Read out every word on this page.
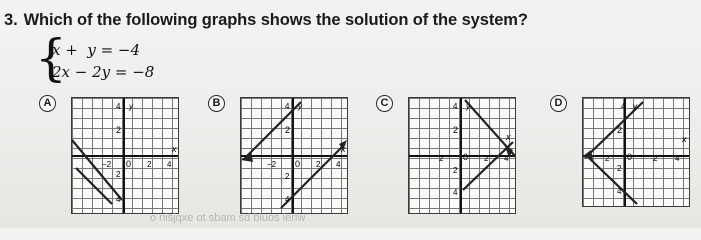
3. Which of the following graphs shows the solution of the system?
{
x +  y = −4
2x − 2y = −8
A	4 y
2
x
−2 0 2 4
2
4
B	4 y
2
x
−2 0 2 4
2
4
C	4 y
2
x
2 0 2 4
2
4
D	4 y
2
x
2 0	2 4
2
4
o nisjqxe ot sbam sd bluos lerlw
